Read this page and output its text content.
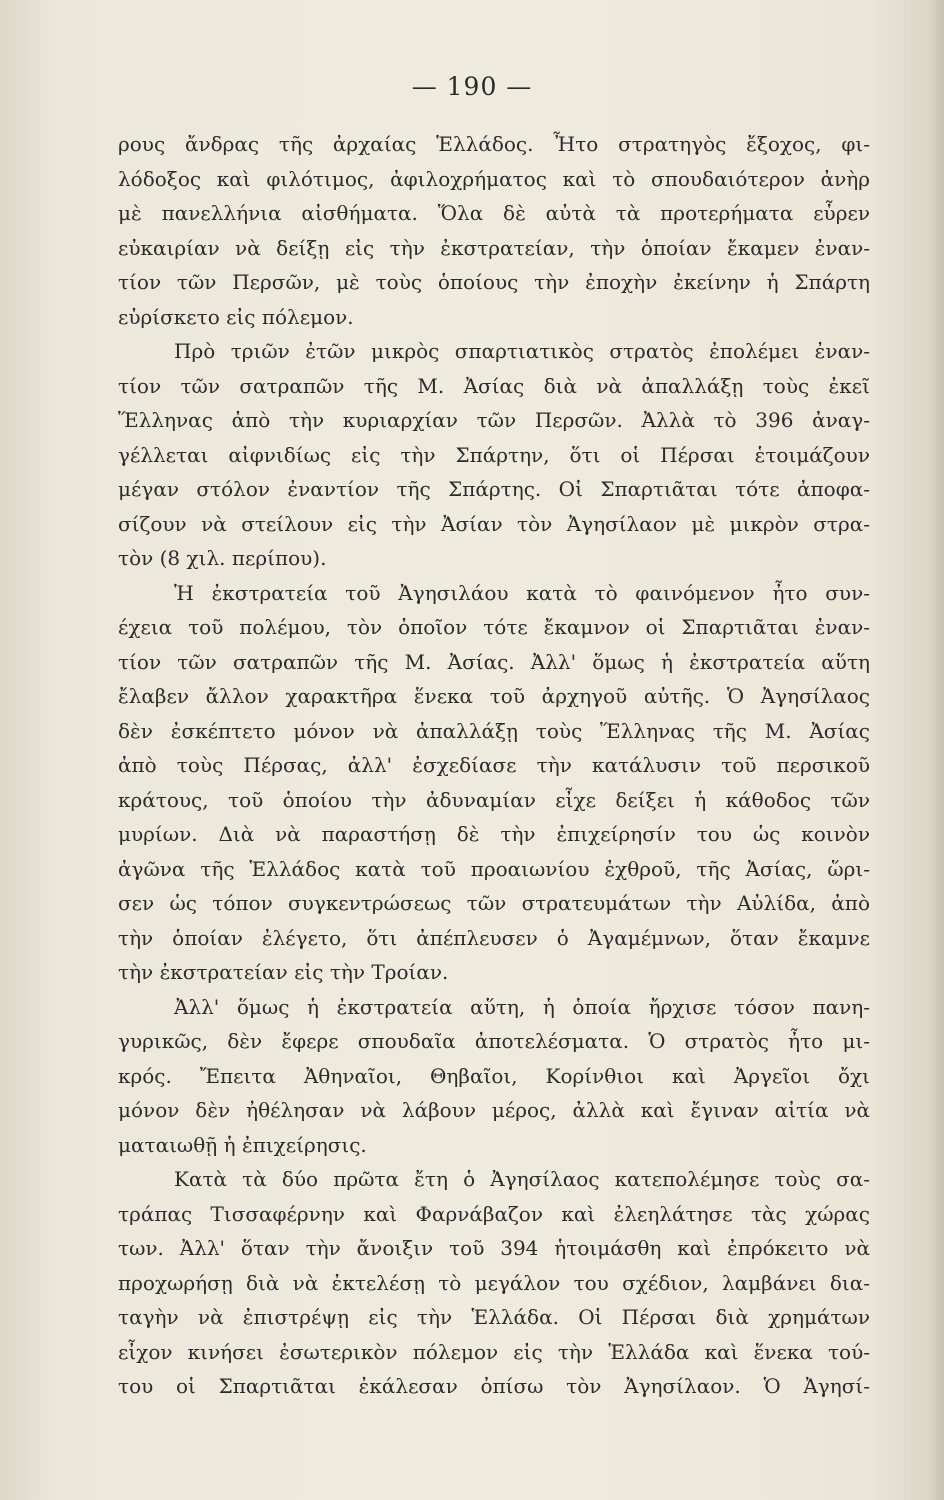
— 190 —
ρους ἄνδρας τῆς ἀρχαίας Ἑλλάδος. Ἦτο στρατηγὸς ἔξοχος, φι-
λόδοξος καὶ φιλότιμος, ἀφιλοχρήματος καὶ τὸ σπουδαιότερον ἀνὴρ
μὲ πανελλήνια αἰσθήματα. Ὅλα δὲ αὐτὰ τὰ προτερήματα εὗρεν
εὐκαιρίαν νὰ δείξῃ εἰς τὴν ἐκστρατείαν, τὴν ὁποίαν ἔκαμεν ἐναν-
τίον τῶν Περσῶν, μὲ τοὺς ὁποίους τὴν ἐποχὴν ἐκείνην ἡ Σπάρτη
εὑρίσκετο εἰς πόλεμον.
Πρὸ τριῶν ἐτῶν μικρὸς σπαρτιατικὸς στρατὸς ἐπολέμει ἐναν-
τίον τῶν σατραπῶν τῆς Μ. Ἀσίας διὰ νὰ ἀπαλλάξῃ τοὺς ἐκεῖ
Ἕλληνας ἀπὸ τὴν κυριαρχίαν τῶν Περσῶν. Ἀλλὰ τὸ 396 ἀναγ-
γέλλεται αἰφνιδίως εἰς τὴν Σπάρτην, ὅτι οἱ Πέρσαι ἑτοιμάζουν
μέγαν στόλον ἐναντίον τῆς Σπάρτης. Οἱ Σπαρτιᾶται τότε ἀποφα-
σίζουν νὰ στείλουν εἰς τὴν Ἀσίαν τὸν Ἀγησίλαον μὲ μικρὸν στρα-
τὸν (8 χιλ. περίπου).
Ἡ ἐκστρατεία τοῦ Ἀγησιλάου κατὰ τὸ φαινόμενον ἦτο συν-
έχεια τοῦ πολέμου, τὸν ὁποῖον τότε ἔκαμνον οἱ Σπαρτιᾶται ἐναν-
τίον τῶν σατραπῶν τῆς Μ. Ἀσίας. Ἀλλ' ὅμως ἡ ἐκστρατεία αὕτη
ἔλαβεν ἄλλον χαρακτῆρα ἕνεκα τοῦ ἀρχηγοῦ αὐτῆς. Ὁ Ἀγησίλαος
δὲν ἐσκέπτετο μόνον νὰ ἀπαλλάξῃ τοὺς Ἕλληνας τῆς Μ. Ἀσίας
ἀπὸ τοὺς Πέρσας, ἀλλ' ἐσχεδίασε τὴν κατάλυσιν τοῦ περσικοῦ
κράτους, τοῦ ὁποίου τὴν ἀδυναμίαν εἶχε δείξει ἡ κάθοδος τῶν
μυρίων. Διὰ νὰ παραστήσῃ δὲ τὴν ἐπιχείρησίν του ὡς κοινὸν
ἀγῶνα τῆς Ἑλλάδος κατὰ τοῦ προαιωνίου ἐχθροῦ, τῆς Ἀσίας, ὥρι-
σεν ὡς τόπον συγκεντρώσεως τῶν στρατευμάτων τὴν Αὐλίδα, ἀπὸ
τὴν ὁποίαν ἐλέγετο, ὅτι ἀπέπλευσεν ὁ Ἀγαμέμνων, ὅταν ἔκαμνε
τὴν ἐκστρατείαν εἰς τὴν Τροίαν.
Ἀλλ' ὅμως ἡ ἐκστρατεία αὕτη, ἡ ὁποία ἤρχισε τόσον πανη-
γυρικῶς, δὲν ἔφερε σπουδαῖα ἀποτελέσματα. Ὁ στρατὸς ἦτο μι-
κρός. Ἔπειτα Ἀθηναῖοι, Θηβαῖοι, Κορίνθιοι καὶ Ἀργεῖοι ὄχι
μόνον δὲν ἠθέλησαν νὰ λάβουν μέρος, ἀλλὰ καὶ ἔγιναν αἰτία νὰ
ματαιωθῇ ἡ ἐπιχείρησις.
Κατὰ τὰ δύο πρῶτα ἔτη ὁ Ἀγησίλαος κατεπολέμησε τοὺς σα-
τράπας Τισσαφέρνην καὶ Φαρνάβαζον καὶ ἐλεηλάτησε τὰς χώρας
των. Ἀλλ' ὅταν τὴν ἄνοιξιν τοῦ 394 ἡτοιμάσθη καὶ ἐπρόκειτο νὰ
προχωρήσῃ διὰ νὰ ἐκτελέσῃ τὸ μεγάλον του σχέδιον, λαμβάνει δια-
ταγὴν νὰ ἐπιστρέψῃ εἰς τὴν Ἑλλάδα. Οἱ Πέρσαι διὰ χρημάτων
εἶχον κινήσει ἐσωτερικὸν πόλεμον εἰς τὴν Ἑλλάδα καὶ ἕνεκα τού-
του οἱ Σπαρτιᾶται ἐκάλεσαν ὀπίσω τὸν Ἀγησίλαον. Ὁ Ἀγησί-
